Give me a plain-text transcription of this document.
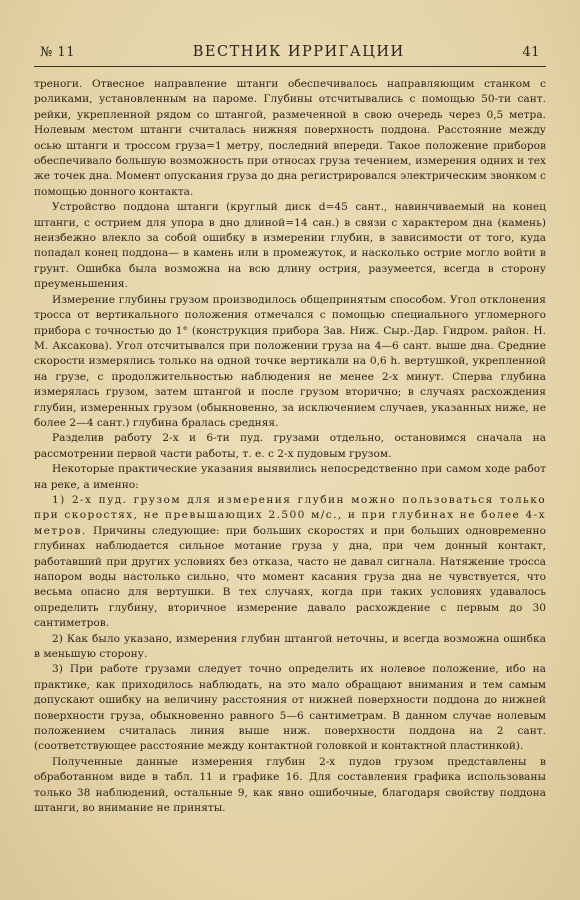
№ 11	ВЕСТНИК ИРРИГАЦИИ	41

треноги. Отвесное направление штанги обеспечивалось направляющим станком с роликами, установленным на пароме. Глубины отсчитывались с помощью 50-ти сант. рейки, укрепленной рядом со штангой, размеченной в свою очередь через 0,5 метра. Нолевым местом штанги считалась нижняя поверхность поддона. Расстояние между осью штанги и троссом груза=1 метру, последний впереди. Такое положение приборов обеспечивало большую возможность при относах груза течением, измерения одних и тех же точек дна. Момент опускания груза до дна регистрировался электрическим звонком с помощью донного контакта.

Устройство поддона штанги (круглый диск d=45 сант., навинчиваемый на конец штанги, с острием для упора в дно длиной=14 сан.) в связи с характером дна (камень) неизбежно влекло за собой ошибку в измерении глубин, в зависимости от того, куда попадал конец поддона— в камень или в промежуток, и насколько острие могло войти в грунт. Ошибка была возможна на всю длину острия, разумеется, всегда в сторону преуменьшения.

Измерение глубины грузом производилось общепринятым способом. Угол отклонения тросса от вертикального положения отмечался с помощью специального угломерного прибора с точностью до 1° (конструкция прибора Зав. Ниж. Сыр.-Дар. Гидром. район. Н. М. Аксакова). Угол отсчитывался при положении груза на 4—6 сант. выше дна. Средние скорости измерялись только на одной точке вертикали на 0,6 h. вертушкой, укрепленной на грузе, с продолжительностью наблюдения не менее 2-х минут. Сперва глубина измерялась грузом, затем штангой и после грузом вторично; в случаях расхождения глубин, измеренных грузом (обыкновенно, за исключением случаев, указанных ниже, не более 2—4 сант.) глубина бралась средняя.

Разделив работу 2-х и 6-ти пуд. грузами отдельно, остановимся сначала на рассмотрении первой части работы, т. е. с 2-х пудовым грузом.

Некоторые практические указания выявились непосредственно при самом ходе работ на реке, а именно:

1) 2-х пуд. грузом для измерения глубин можно пользоваться только при скоростях, не превышающих 2.500 м/с., и при глубинах не более 4-х метров. Причины следующие: при больших скоростях и при больших одновременно глубинах наблюдается сильное мотание груза у дна, при чем донный контакт, работавший при других условиях без отказа, часто не давал сигнала. Натяжение тросса напором воды настолько сильно, что момент касания груза дна не чувствуется, что весьма опасно для вертушки. В тех случаях, когда при таких условиях удавалось определить глубину, вторичное измерение давало расхождение с первым до 30 сантиметров.

2) Как было указано, измерения глубин штангой неточны, и всегда возможна ошибка в меньшую сторону.

3) При работе грузами следует точно определить их нолевое положение, ибо на практике, как приходилось наблюдать, на это мало обращают внимания и тем самым допускают ошибку на величину расстояния от нижней поверхности поддона до нижней поверхности груза, обыкновенно равного 5—6 сантиметрам. В данном случае нолевым положением считалась линия выше ниж. поверхности поддона на 2 сант. (соответствующее расстояние между контактной головкой и контактной пластинкой).

Полученные данные измерения глубин 2-х пудов грузом представлены в обработанном виде в табл. 11 и графике 16. Для составления графика использованы только 38 наблюдений, остальные 9, как явно ошибочные, благодаря свойству поддона штанги, во внимание не приняты.
